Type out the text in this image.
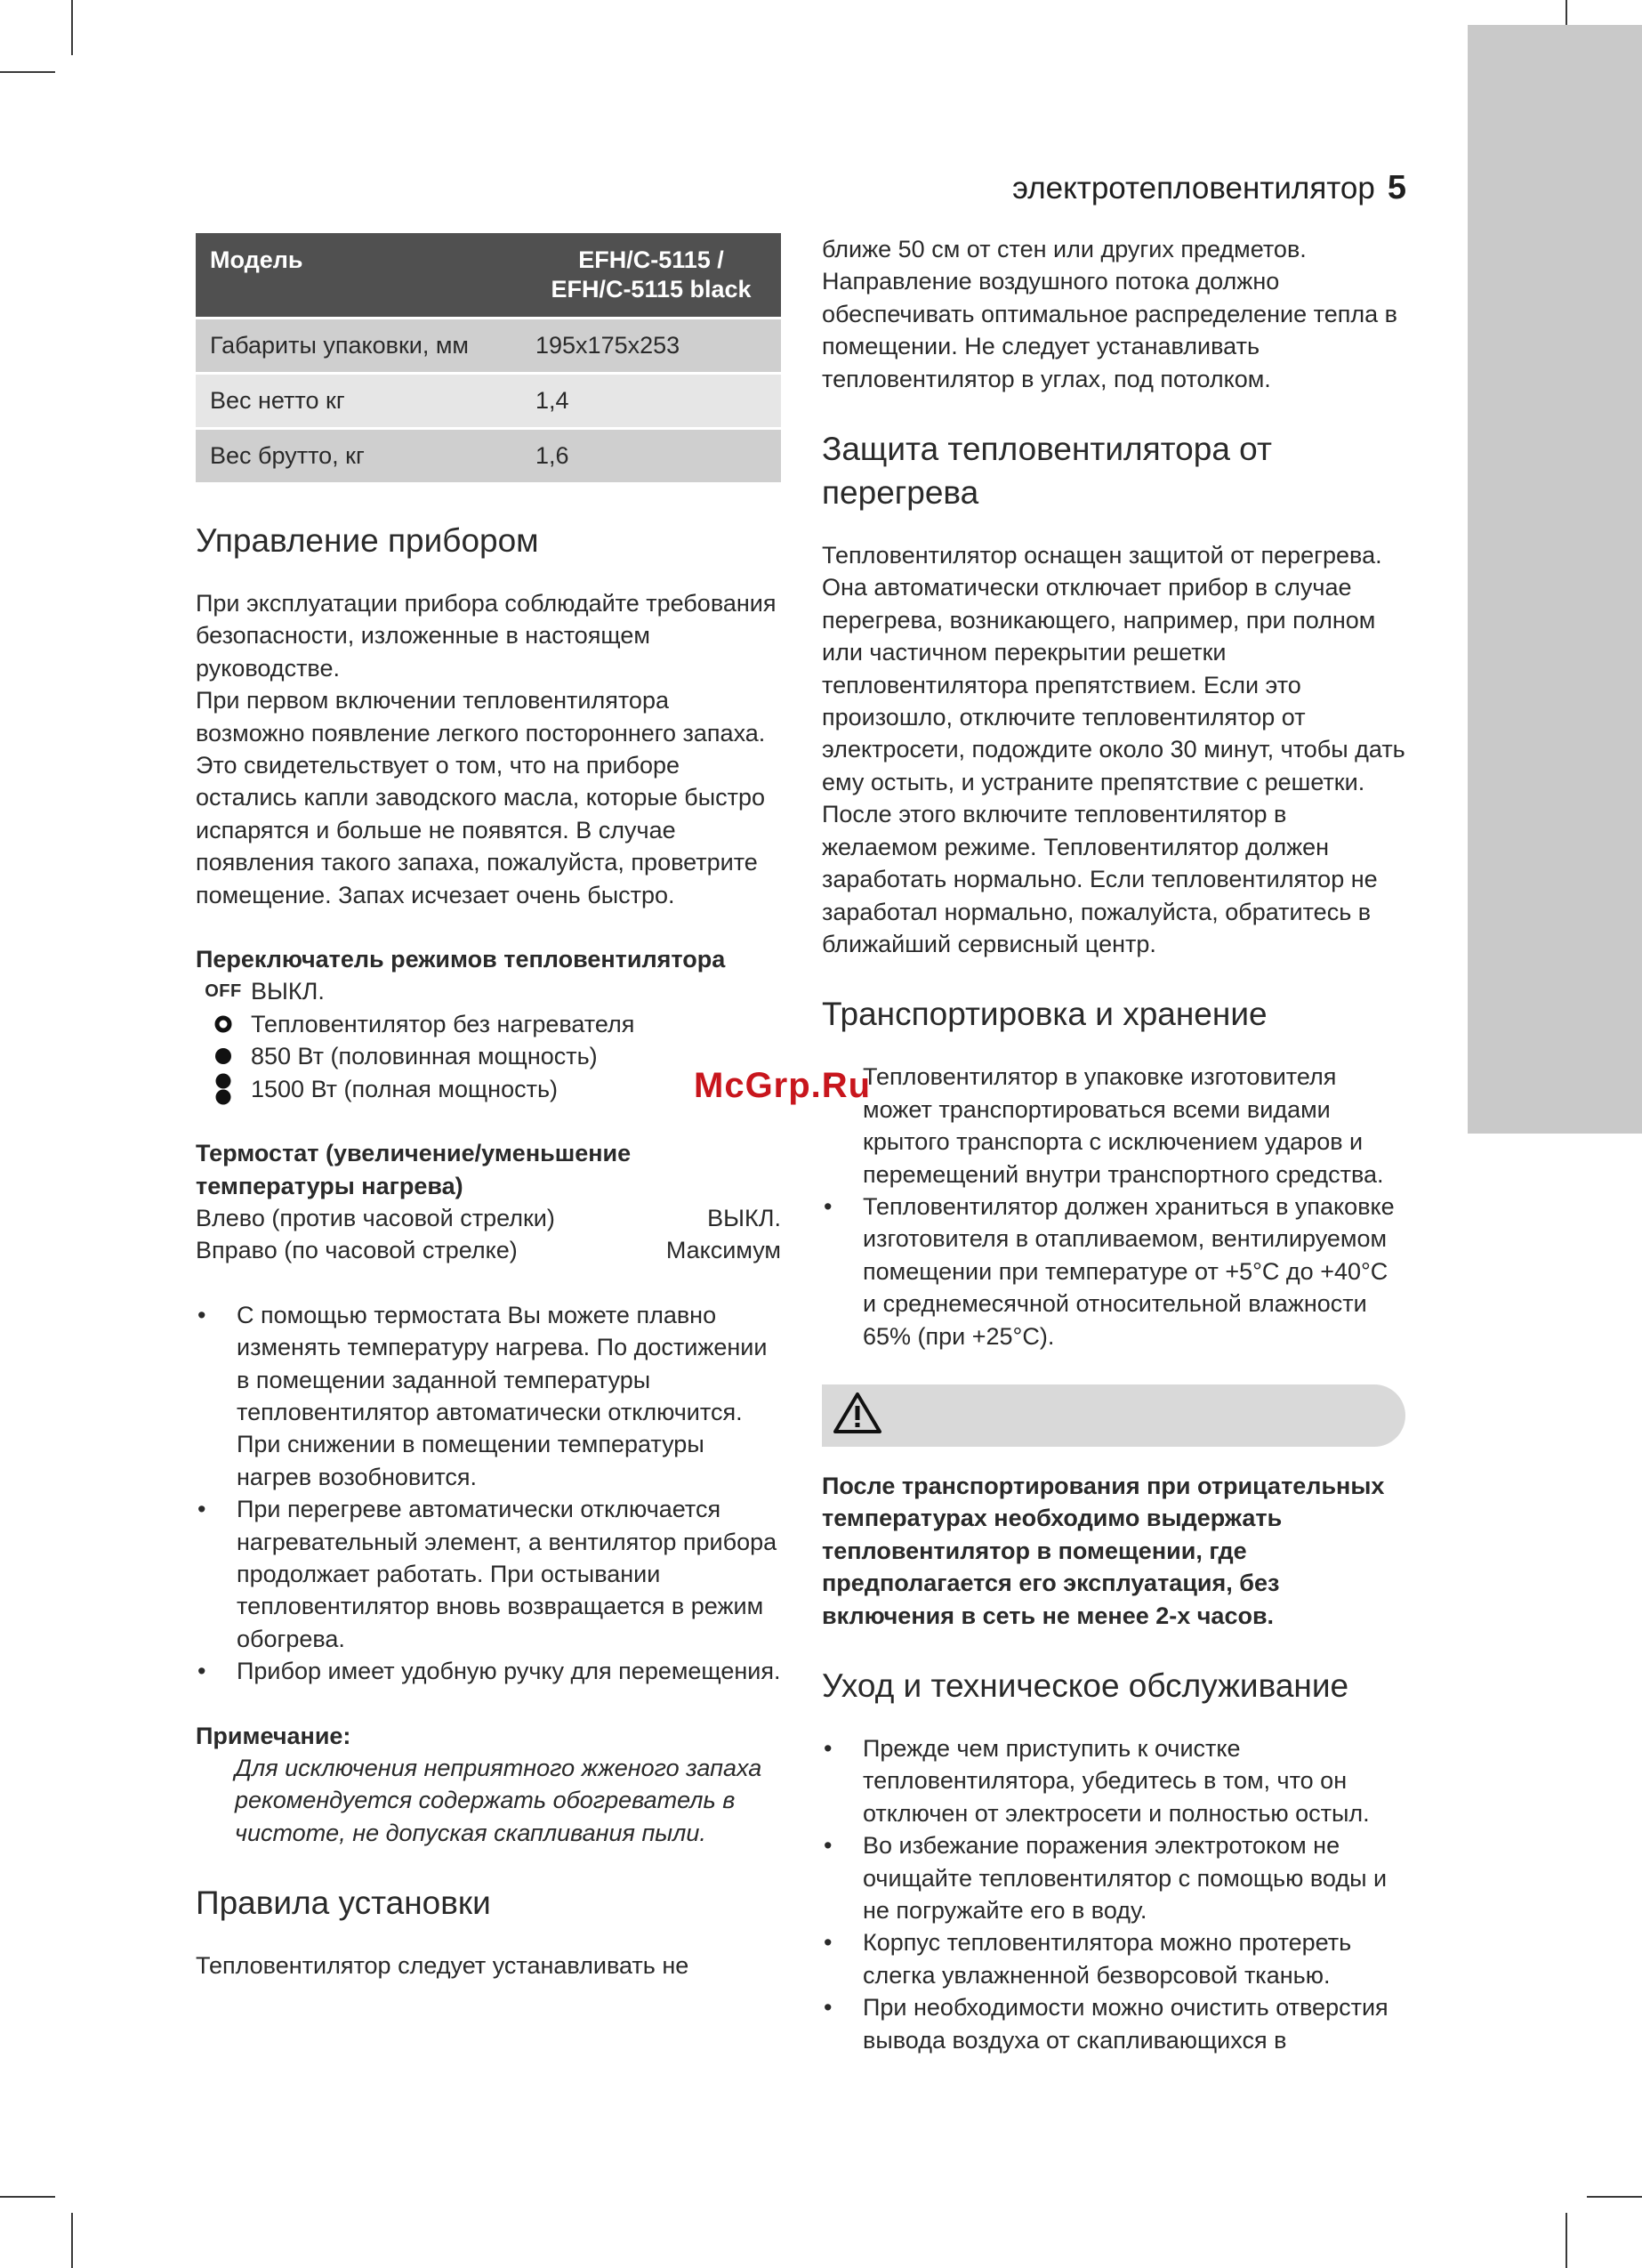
электротепловентилятор 5
Модель	EFH/C-5115 / EFH/C-5115 black
Габариты упаковки, мм	195х175х253
Вес нетто кг	1,4
Вес брутто, кг	1,6
Управление прибором

При эксплуатации прибора соблюдайте требования безопасности, изложенные в настоящем руководстве.

При первом включении тепловентилятора возможно появление легкого постороннего запаха. Это свидетельствует о том, что на приборе остались капли заводского масла, которые быстро испарятся и больше не появятся. В случае появления такого запаха, пожалуйста, проветрите помещение. Запах исчезает очень быстро.

Переключатель режимов тепловентилятора

OFF ВЫКЛ.
Тепловентилятор без нагревателя
850 Вт (половинная мощность)
1500 Вт (полная мощность)

Термостат (увеличение/уменьшение температуры нагрева)

Влево (против часовой стрелки)	ВЫКЛ.
Вправо (по часовой стрелке)	Максимум
• С помощью термостата Вы можете плавно изменять температуру нагрева. По достижении в помещении заданной температуры тепловентилятор автоматически отключится. При снижении в помещении температуры нагрев возобновится.
• При перегреве автоматически отключается нагревательный элемент, а вентилятор прибора продолжает работать. При остывании тепловентилятор вновь возвращается в режим обогрева.
• Прибор имеет удобную ручку для перемещения.

Примечание:

Для исключения неприятного жженого запаха рекомендуется содержать обогреватель в чистоте, не допуская скапливания пыли.

Правила установки

Тепловентилятор следует устанавливать не

ближе 50 см от стен или других предметов. Направление воздушного потока должно обеспечивать оптимальное распределение тепла в помещении. Не следует устанавливать тепловентилятор в углах, под потолком.

Защита тепловентилятора от перегрева

Тепловентилятор оснащен защитой от перегрева. Она автоматически отключает прибор в случае перегрева, возникающего, например, при полном или частичном перекрытии решетки тепловентилятора препятствием. Если это произошло, отключите тепловентилятор от электросети, подождите около 30 минут, чтобы дать ему остыть, и устраните препятствие с решетки. После этого включите тепловентилятор в желаемом режиме. Тепловентилятор должен заработать нормально. Если тепловентилятор не заработал нормально, пожалуйста, обратитесь в ближайший сервисный центр.

Транспортировка и хранение
• Тепловентилятор в упаковке изготовителя может транспортироваться всеми видами крытого транспорта с исключением ударов и перемещений внутри транспортного средства.
• Тепловентилятор должен храниться в упаковке изготовителя в отапливаемом, вентилируемом помещении при температуре от +5°С до +40°С и среднемесячной относительной влажности 65% (при +25°С).

После транспортирования при отрицательных температурах необходимо выдержать тепловентилятор в помещении, где предполагается его эксплуатация, без включения в сеть не менее 2-х часов.

Уход и техническое обслуживание
• Прежде чем приступить к очистке тепловентилятора, убедитесь в том, что он отключен от электросети и полностью остыл.
• Во избежание поражения электротоком не очищайте тепловентилятор с помощью воды и не погружайте его в воду.
• Корпус тепловентилятора можно протереть слегка увлажненной безворсовой тканью.
• При необходимости можно очистить отверстия вывода воздуха от скапливающихся в
McGrp.Ru
